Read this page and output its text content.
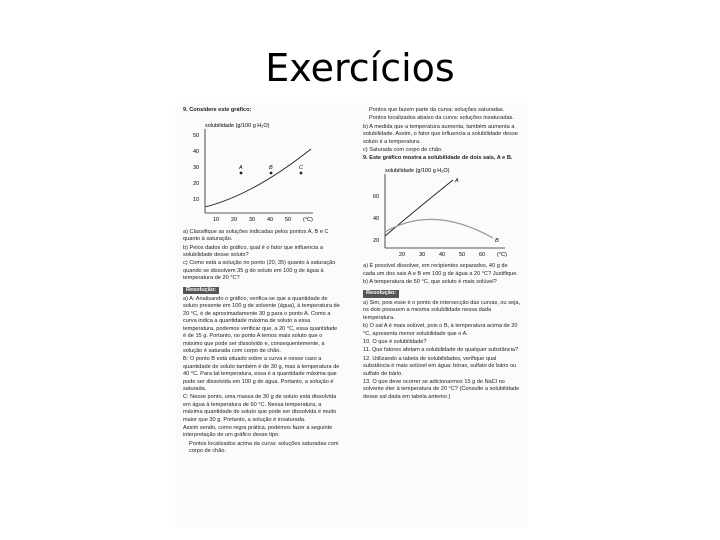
Exercícios

9. Considere este gráfico:

solubilidade (g/100 g H₂O)
50
40
30
20
10
10 20 30 40 50 (°C)
A	B	C

a) Classifique as soluções indicadas pelos pontos A, B e C quanto à saturação.

b) Pelos dados do gráfico, qual é o fator que influencia a solubilidade desse soluto?

c) Como está a solução no ponto (20, 35) quanto à saturação quando se dissolvem 35 g do soluto em 100 g de água à temperatura de 20 °C?

Resolução:

a) A: Analisando o gráfico, verifica-se que a quantidade de soluto presente em 100 g de solvente (água), à temperatura de 20 °C, é de aproximadamente 30 g para o ponto A. Como a curva indica a quantidade máxima de soluto a essa temperatura, podemos verificar que, a 20 °C, essa quantidade é de 15 g. Portanto, no ponto A temos mais soluto que o máximo que pode ser dissolvido e, consequentemente, a solução é saturada com corpo de chão.

B: O ponto B está situado sobre a curva e nesse caso a quantidade de soluto também é de 30 g, mas à temperatura de 40 °C. Para tal temperatura, essa é a quantidade máxima que pode ser dissolvida em 100 g de água. Portanto, a solução é saturada.

C: Nesse ponto, uma massa de 30 g de soluto está dissolvida em água à temperatura de 60 °C. Nessa temperatura, a máxima quantidade de soluto que pode ser dissolvida é muito maior que 30 g. Portanto, a solução é insaturada.

Assim sendo, como regra prática, podemos fazer a seguinte interpretação de um gráfico desse tipo:

Pontos localizados acima da curva: soluções saturadas com corpo de chão.

Pontos que fazem parte da curva: soluções saturadas.

Pontos localizados abaixo da curva: soluções insaturadas.

b) A medida que a temperatura aumenta, também aumenta a solubilidade. Assim, o fator que influencia a solubilidade desse soluto é a temperatura.

c) Saturada com corpo de chão.

9. Este gráfico mostra a solubilidade de dois sais, A e B.

solubilidade (g/100 g H₂O)
60
40
20
20	30	40	50	60 (°C)
A
B

a) É possível dissolver, em recipientes separados, 40 g de cada um dos sais A e B em 100 g de água a 20 °C? Justifique.

b) A temperatura de 50 °C, que soluto é mais solúvel?

Resolução:

a) Sim, pois esse é o ponto de intersecção das curvas, ou seja, os dois possuem a mesma solubilidade nessa dada temperatura.

b) O sal A é mais solúvel, pois o B, à temperatura acima de 20 °C, apresenta menor solubilidade que o A.

10. O que é solubilidade?

11. Que fatores afetam a solubilidade de qualquer substância?

12. Utilizando a tabela de solubilidades, verifique qual substância é mais solúvel em água: bórax, sulfato de bário ou sulfato de bário.

13. O que deve ocorrer se adicionarmos 15 g de NaCl no solvente éter à temperatura de 20 °C? (Consulte a solubilidade desse sal dada em tabela anterior.)
